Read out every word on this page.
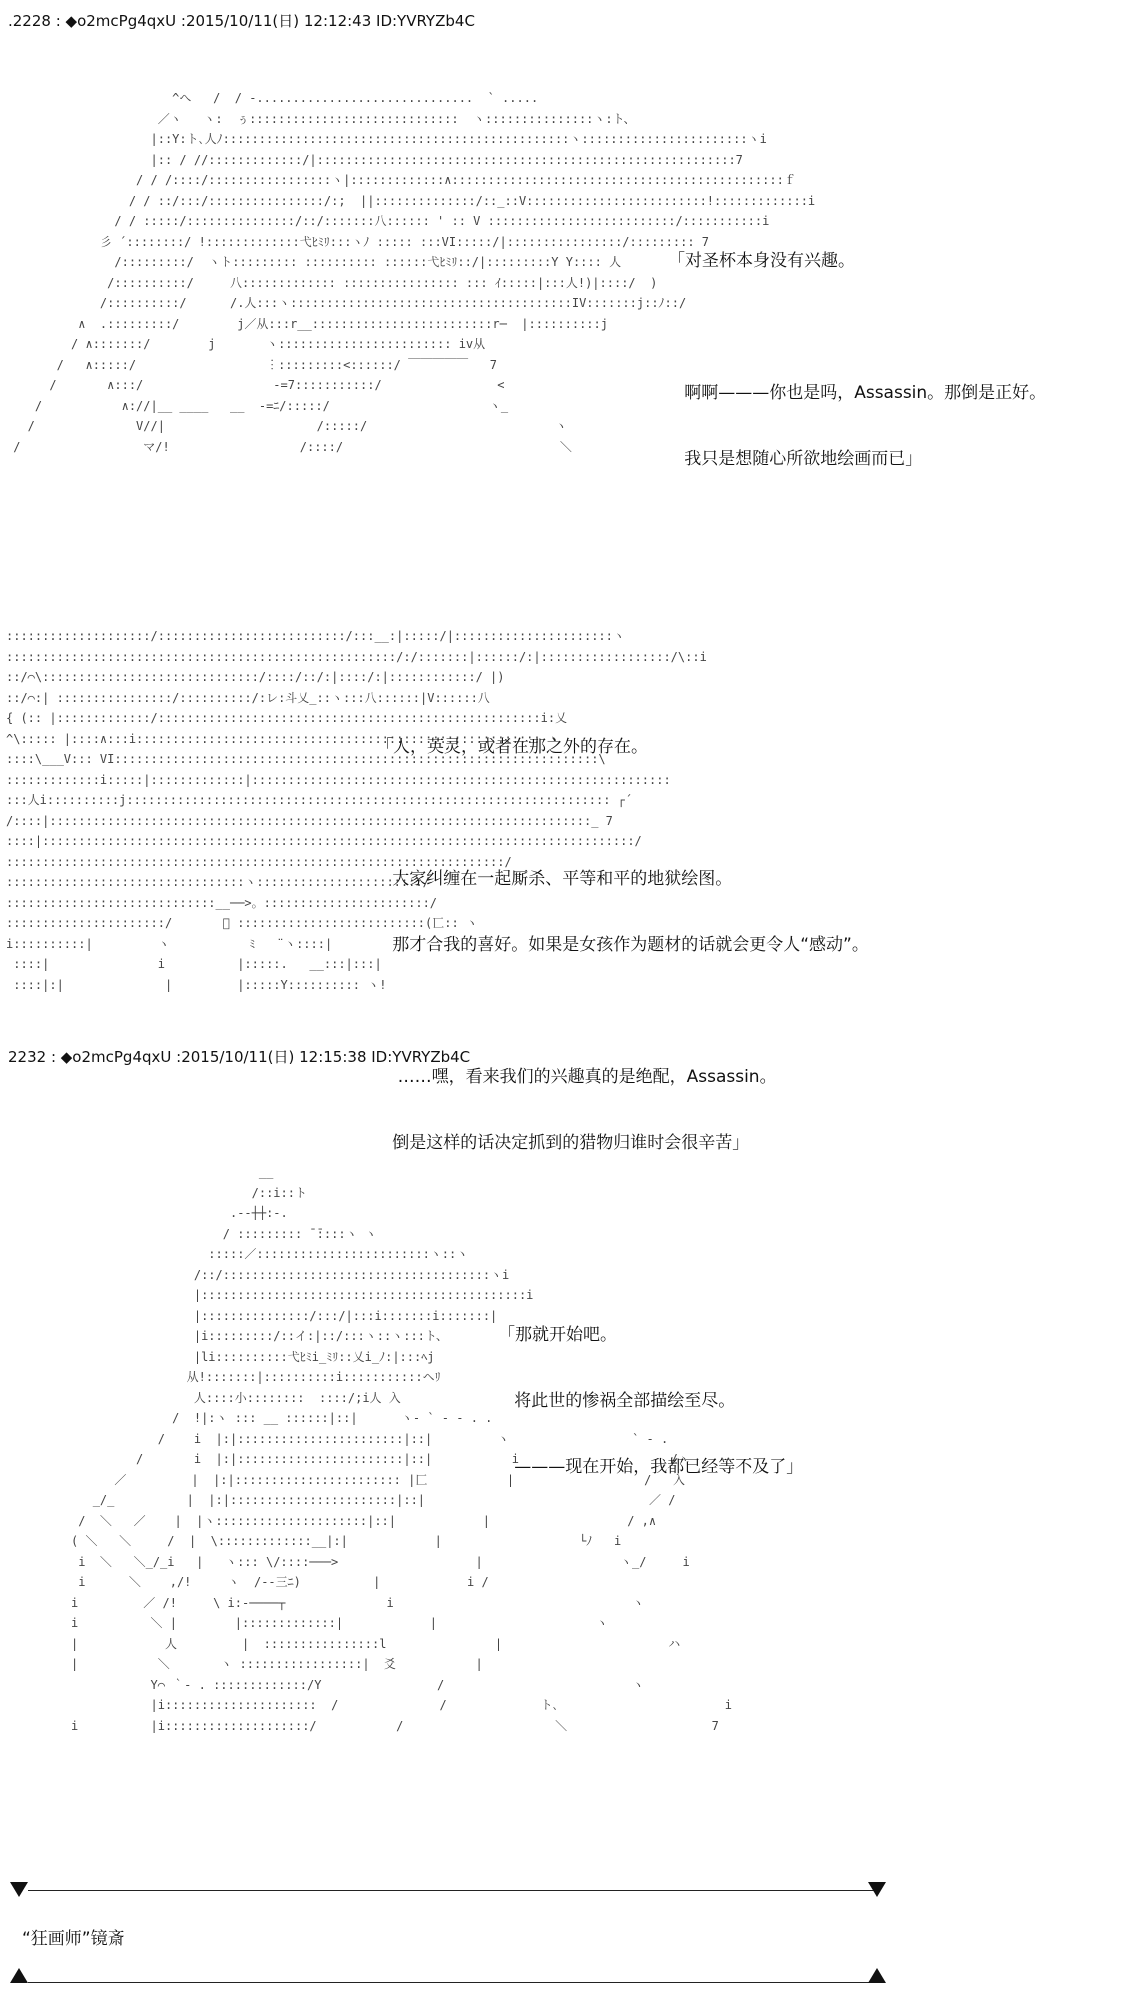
.2228 : ◆o2mcPg4qxU :2015/10/11(日) 12:12:43 ID:YVRYZb4C
^へ   /  / -..............................  ` .....
／ヽ   ヽ:  ぅ:::::::::::::::::::::::::::::  ヽ:::::::::::::::ヽ:ト、
|::Y:ト､人ﾉ::::::::::::::::::::::::::::::::::::::::::::::::ヽ:::::::::::::::::::::::ヽi
|:: / //:::::::::::::/|::::::::::::::::::::::::::::::::::::::::::::::::::::::::::7
/ / /::::/:::::::::::::::::ヽ|:::::::::::::∧::::::::::::::::::::::::::::::::::::::::::::::ｆ
/ / ::/:::/::::::::::::::::/:;  ||::::::::::::::/::_::V:::::::::::::::::::::::::!:::::::::::::i
/ / :::::/:::::::::::::::/::/:::::::八:::::: ' :: V ::::::::::::::::::::::::::/:::::::::::i
彡 ´::::::::/ !:::::::::::::弋ﾋﾐﾘ:::ヽﾉ ::::: :::VI:::::/|::::::::::::::::/::::::::: 7
/:::::::::/  ヽト::::::::: :::::::::: ::::::弋ﾋﾐﾘ::/|:::::::::Y Y:::: 人
/::::::::::/     八::::::::::::: :::::::::::::::: ::: ｲ:::::|:::人!)|::::/  )
/::::::::::/      /.人:::ヽ:::::::::::::::::::::::::::::::::::::::IV:::::::j::ﾉ::/
∧  .:::::::::/        j／从:::r__:::::::::::::::::::::::::r─  |::::::::::j
/ ∧:::::::/        j       ヽ:::::::::::::::::::::::: iv从
/   ∧:::::/                  ︙:::::::::<::::::/ ￣￣￣￣￣   7
/       ∧:::/                  ‐=7:::::::::::/                <
/           ∧://|__ ____   __  ‐=ﾆ/:::::/                      ヽ_
/              V//|                     /:::::/                          ヽ
/                 マ/!                  /::::/                              ＼

「对圣杯本身没有兴趣。

啊啊———你也是吗，Assassin。那倒是正好。

我只是想随心所欲地绘画而已」

::::::::::::::::::::/::::::::::::::::::::::::::/:::__:|:::::/|::::::::::::::::::::::ヽ
::::::::::::::::::::::::::::::::::::::::::::::::::::::/:/:::::::|::::::/:|::::::::::::::::::/\::i
::/⌒\::::::::::::::::::::::::::::::/::::/::/:|::::/:|::::::::::::/ |)
::/⌒:| ::::::::::::::::/::::::::::/:レ:斗乂_::ヽ:::八::::::|V::::::八
{ (:: |:::::::::::::/:::::::::::::::::::::::::::::::::::::::::::::::::::::i:乂
^\::::: |::::∧:::i:::::::::::::::::::::::::::::::::::::::::::::::::::::::: ヽ
::::\___V::: VI:::::::::::::::::::::::::::::::::::::::::::::::::::::::::::::::::::\
:::::::::::::i:::::|:::::::::::::|::::::::::::::::::::::::::::::::::::::::::::::::::::::::::
:::人i::::::::::j::::::::::::::::::::::::::::::::::::::::::::::::::::::::::::::::::: ┌´
/::::|:::::::::::::::::::::::::::::::::::::::::::::::::::::::::::::::::::::::::::_ 7
::::|::::::::::::::::::::::::::::::::::::::::::::::::::::::::::::::::::::::::::::::::::/
:::::::::::::::::::::::::::::::::::::::::::::::::::::::::::::::::::::/
:::::::::::::::::::::::::::::::::ヽ:::::::::::::::::::::::/
:::::::::::::::::::::::::::::__──>。:::::::::::::::::::::::/
::::::::::::::::::::::/       ﾞ ::::::::::::::::::::::::::(匸:: ヽ
i::::::::::|         ヽ           ﾐ   ¨ヽ::::|
::::|               i          |:::::.   __:::|:::|
::::|:|              |         |:::::Y:::::::::: ヽ!

「人，英灵，或者在那之外的存在。

大家纠缠在一起厮杀、平等和平的地狱绘图。

那才合我的喜好。如果是女孩作为题材的话就会更令人“感动”。

……嘿，看来我们的兴趣真的是绝配，Assassin。

倒是这样的话决定抓到的猎物归谁时会很辛苦」

2232 : ◆o2mcPg4qxU :2015/10/11(日) 12:15:38 ID:YVRYZb4C
__
/::i::ト
.-‐┼┼:-.
/ ::::::::: ̄ ̄::::ヽ ヽ
:::::／::::::::::::::::::::::::ヽ::ヽ
/::/:::::::::::::::::::::::::::::::::::::ヽi
|:::::::::::::::::::::::::::::::::::::::::::::i
|:::::::::::::::/:::/|:::i:::::::i:::::::|
|i:::::::::/::イ:|::/:::ヽ::ヽ:::ト、
|li::::::::::弋ﾋﾐi_ﾐﾘ::乂i_ﾉ:|:::ﾍj
从!:::::::|::::::::::i:::::::::::ヘﾘ
人::::小::::::::  ::::/;i人 入
/  !|:ヽ ::: __ ::::::|::|      ヽ- ` ‐ - . .
/    i  |:|:::::::::::::::::::::::|::|         ヽ                 ` ‐ .
/       i  |:|:::::::::::::::::::::::|::|           i                     /ヽ
／         |  |:|::::::::::::::::::::::: |匚           |                  /   入
_/_          |  |:|:::::::::::::::::::::::|::|                               ／ /
/  ＼   ／    |  |ヽ:::::::::::::::::::::|::|            |                   / ,∧
( ＼   ＼     /  |  \:::::::::::::__|:|            |                   └ﾉ   i
i  ＼   ＼_/_i   |   ヽ::: \/::::───>                   |                   ヽ_/     i
i      ＼    ,/!     ヽ  /-‐三ﾆ)          |            i /
i         ／ /!     \ i:‐────┬              i                                 ヽ
i          ＼ |        |:::::::::::::|            |                      ヽ
|            人         |  ::::::::::::::::l               |                       ハ
|           ＼       ヽ :::::::::::::::::|  爻           |
Y⌒ ｀- . :::::::::::::/Y                /                          ヽ
|i:::::::::::::::::::::  /              /             ト､                       i
i          |i::::::::::::::::::::/           /                     ＼                    7

「那就开始吧。

将此世的惨祸全部描绘至尽。

———现在开始，我都已经等不及了」

“狂画师”镜斎
